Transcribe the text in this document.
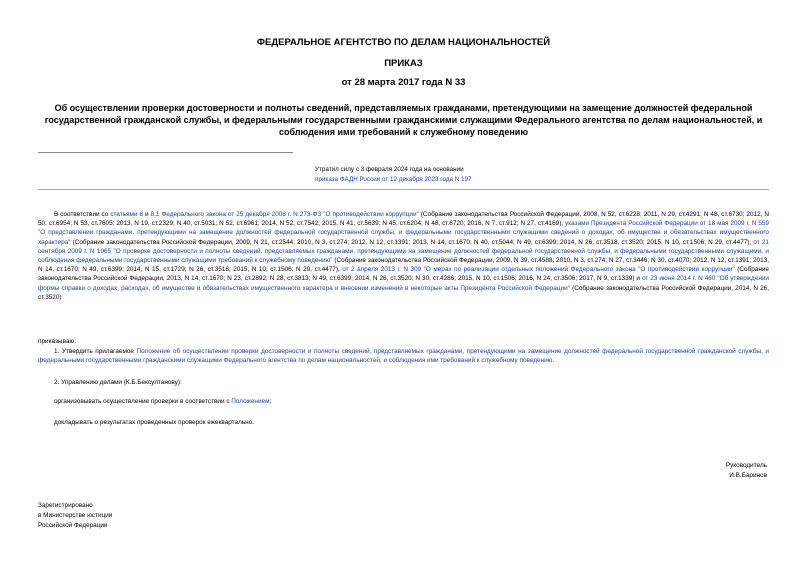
ФЕДЕРАЛЬНОЕ АГЕНТСТВО ПО ДЕЛАМ НАЦИОНАЛЬНОСТЕЙ
ПРИКАЗ
от 28 марта 2017 года N 33
Об осуществлении проверки достоверности и полноты сведений, представляемых гражданами, претендующими на замещение должностей федеральной государственной гражданской службы, и федеральными государственными гражданскими служащими Федерального агентства по делам национальностей, и соблюдения ими требований к служебному поведению
Утратил силу с 3 февраля 2024 года на основании
приказа ФАДН России от 12 декабря 2023 года N 197
В соответствии со статьями 8 и 8.1 Федерального закона от 25 декабря 2008 г. N 273-ФЗ "О противодействии коррупции" (Собрание законодательства Российской Федерации, 2008, N 52, ст.6228; 2011, N 29, ст.4291; N 48, ст.6730; 2012, N 50, ст.6954; N 53, ст.7605; 2013, N 19, ст.2329; N 40, ст.5031; N 52, ст.6961; 2014, N 52, ст.7542; 2015, N 41, ст.5639; N 45, ст.6204; N 48, ст.6720; 2016, N 7, ст.912; N 27, ст.4169), указами Президента Российской Федерации от 18 мая 2009 г. N 559 "О представлении гражданами, претендующими на замещение должностей федеральной государственной службы, и федеральными государственными служащими сведений о доходах, об имуществе и обязательствах имущественного характера" (Собрание законодательства Российской Федерации, 2009, N 21, ст.2544; 2010, N 3, ст.274; 2012, N 12, ст.1391; 2013, N 14, ст.1670; N 40, ст.5044; N 49, ст.6399; 2014, N 26, ст.3518, ст.3520; 2015, N 10, ст.1506; N 29, ст.4477), от 21 сентября 2009 г. N 1065 "О проверке достоверности и полноты сведений, представляемых гражданами, претендующими на замещение должностей федеральной государственной службы, и федеральными государственными служащими, и соблюдения федеральными государственными служащими требований к служебному поведению" (Собрание законодательства Российской Федерации, 2009, N 39, ст.4588; 2010, N 3, ст.274; N 27, ст.3446; N 30, ст.4070; 2012, N 12, ст.1391; 2013, N 14, ст.1670; N 49, ст.6399; 2014, N 15, ст.1729; N 26, ст.3518; 2015, N 10, ст.1506; N 29, ст.4477), от 2 апреля 2013 г. N 309 "О мерах по реализации отдельных положений Федерального закона "О противодействии коррупции" (Собрание законодательства Российской Федерации, 2013, N 14, ст.1670; N 23, ст.2892; N 28, ст.3813; N 49, ст.6399; 2014, N 26, ст.3520; N 30, ст.4286; 2015, N 10, ст.1506; 2016, N 24, ст.3506; 2017, N 9, ст.1339) и от 23 июня 2014 г. N 460 "Об утверждении формы справки о доходах, расходах, об имуществе и обязательствах имущественного характера и внесении изменений в некоторые акты Президента Российской Федерации" (Собрание законодательства Российской Федерации, 2014, N 26, ст.3520)
приказываю:
1. Утвердить прилагаемое Положение об осуществлении проверки достоверности и полноты сведений, представляемых гражданами, претендующими на замещение должностей федеральной государственной гражданской службы, и федеральными государственными гражданскими служащими Федерального агентства по делам национальностей, и соблюдения ими требований к служебному поведению.
2. Управлению делами (К.Б.Бексултанову):
организовывать осуществление проверки в соответствии с Положением;
докладывать о результатах проведенных проверок ежеквартально.
Руководитель
И.В.Баринов
Зарегистрировано
в Министерстве юстиции
Российской Федерации
